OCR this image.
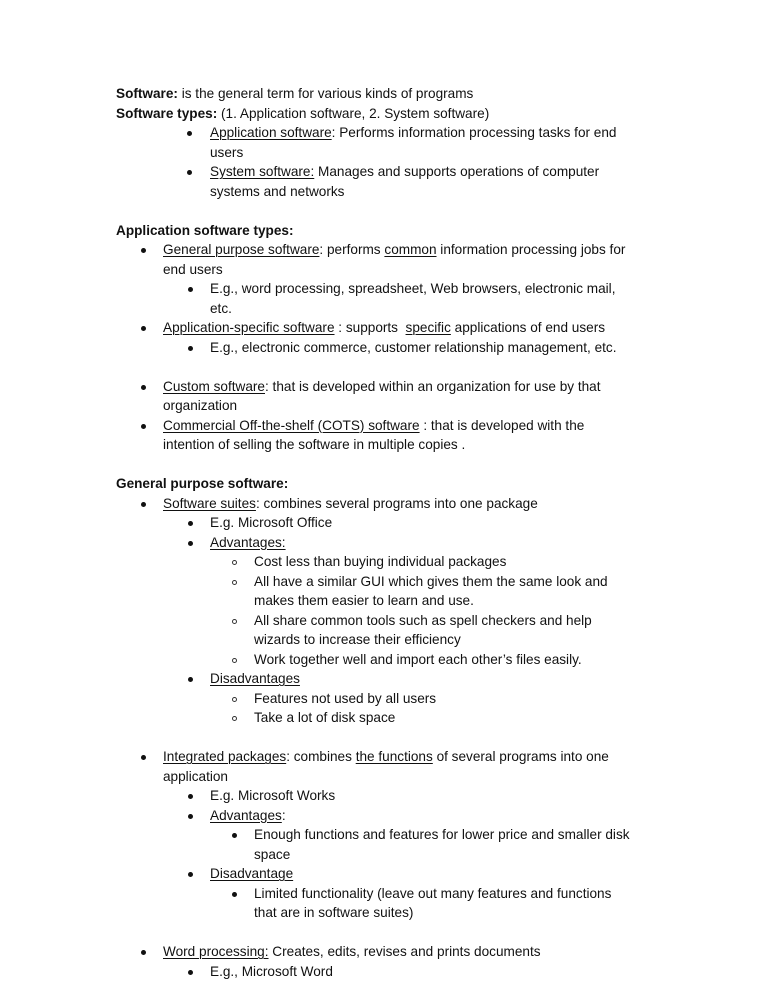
Software: is the general term for various kinds of programs
Software types: (1. Application software, 2. System software)
Application software: Performs information processing tasks for end
users
System software: Manages and supports operations of computer
systems and networks
Application software types:
General purpose software: performs common information processing jobs for
end users
E.g., word processing, spreadsheet, Web browsers, electronic mail,
etc.
Application-specific software : supports  specific applications of end users
E.g., electronic commerce, customer relationship management, etc.
Custom software: that is developed within an organization for use by that
organization
Commercial Off-the-shelf (COTS) software : that is developed with the
intention of selling the software in multiple copies .
General purpose software:
Software suites: combines several programs into one package
E.g. Microsoft Office
Advantages:
Cost less than buying individual packages
All have a similar GUI which gives them the same look and
makes them easier to learn and use.
All share common tools such as spell checkers and help
wizards to increase their efficiency
Work together well and import each other’s files easily.
Disadvantages
Features not used by all users
Take a lot of disk space
Integrated packages: combines the functions of several programs into one
application
E.g. Microsoft Works
Advantages:
Enough functions and features for lower price and smaller disk
space
Disadvantage
Limited functionality (leave out many features and functions
that are in software suites)
Word processing: Creates, edits, revises and prints documents
E.g., Microsoft Word
